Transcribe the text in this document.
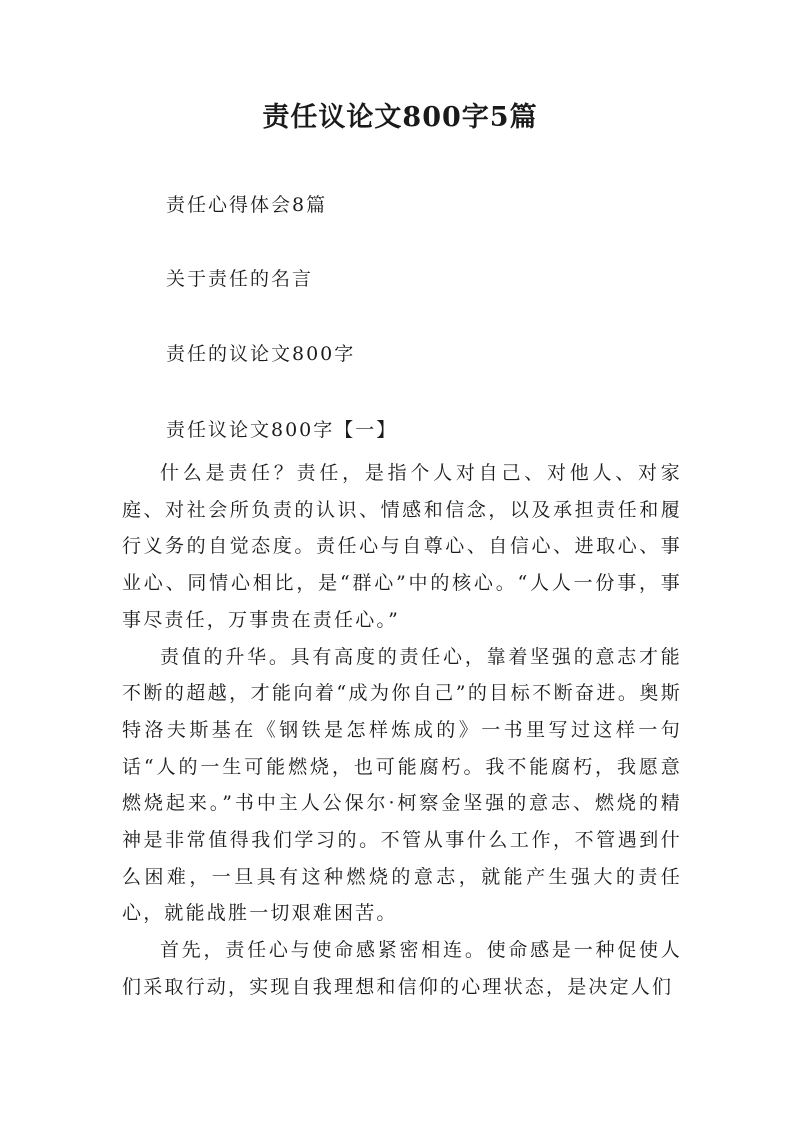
责任议论文800字5篇
责任心得体会8篇
关于责任的名言
责任的议论文800字
责任议论文800字【一】

什么是责任？责任，是指个人对自己、对他人、对家庭、对社会所负责的认识、情感和信念，以及承担责任和履行义务的自觉态度。责任心与自尊心、自信心、进取心、事业心、同情心相比，是“群心”中的核心。“人人一份事，事事尽责任，万事贵在责任心。”

责值的升华。具有高度的责任心，靠着坚强的意志才能不断的超越，才能向着“成为你自己”的目标不断奋进。奥斯特洛夫斯基在《钢铁是怎样炼成的》一书里写过这样一句话“人的一生可能燃烧，也可能腐朽。我不能腐朽，我愿意燃烧起来。”书中主人公保尔·柯察金坚强的意志、燃烧的精神是非常值得我们学习的。不管从事什么工作，不管遇到什么困难，一旦具有这种燃烧的意志，就能产生强大的责任心，就能战胜一切艰难困苦。

首先，责任心与使命感紧密相连。使命感是一种促使人们采取行动，实现自我理想和信仰的心理状态，是决定人们
